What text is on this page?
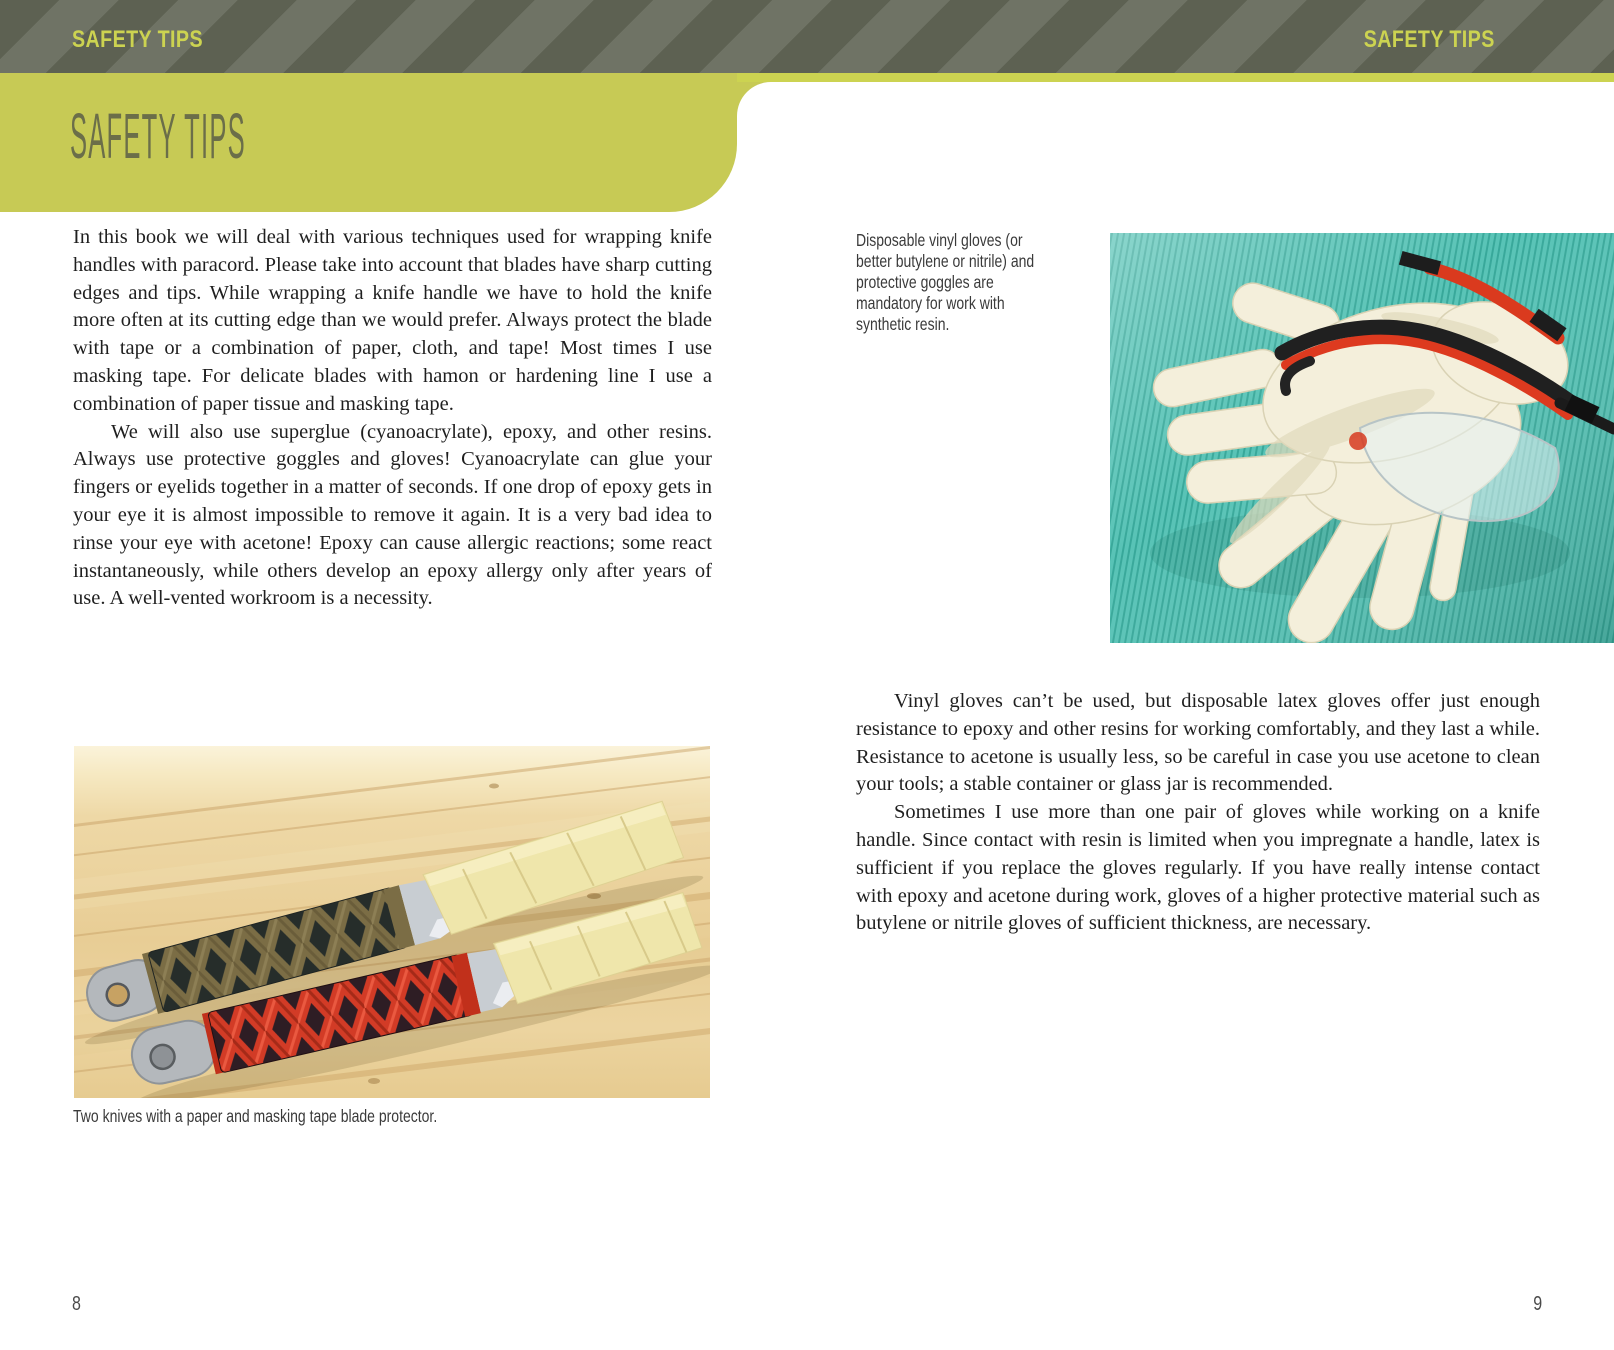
SAFETY TIPS	SAFETY TIPS
SAFETY TIPS

In this book we will deal with various techniques used for wrapping knife handles with paracord. Please take into account that blades have sharp cutting edges and tips. While wrapping a knife handle we have to hold the knife more often at its cutting edge than we would prefer. Always protect the blade with tape or a combination of paper, cloth, and tape! Most times I use masking tape. For delicate blades with hamon or hardening line I use a combination of paper tissue and masking tape.

We will also use superglue (cyanoacrylate), epoxy, and other resins. Always use protective goggles and gloves! Cyanoacrylate can glue your fingers or eyelids together in a matter of seconds. If one drop of epoxy gets in your eye it is almost impossible to remove it again. It is a very bad idea to rinse your eye with acetone! Epoxy can cause allergic reactions; some react instantaneously, while others develop an epoxy allergy only after years of use. A well-vented workroom is a necessity.

Two knives with a paper and masking tape blade protector.
Disposable vinyl gloves (or better butylene or nitrile) and protective goggles are mandatory for work with synthetic resin.

Vinyl gloves can’t be used, but disposable latex gloves offer just enough resistance to epoxy and other resins for working comfortably, and they last a while. Resistance to acetone is usually less, so be careful in case you use acetone to clean your tools; a stable container or glass jar is recommended.

Sometimes I use more than one pair of gloves while working on a knife handle. Since contact with resin is limited when you impregnate a handle, latex is sufficient if you replace the gloves regularly. If you have really intense contact with epoxy and acetone during work, gloves of a higher protective material such as butylene or nitrile gloves of sufficient thickness, are necessary.

8	9
